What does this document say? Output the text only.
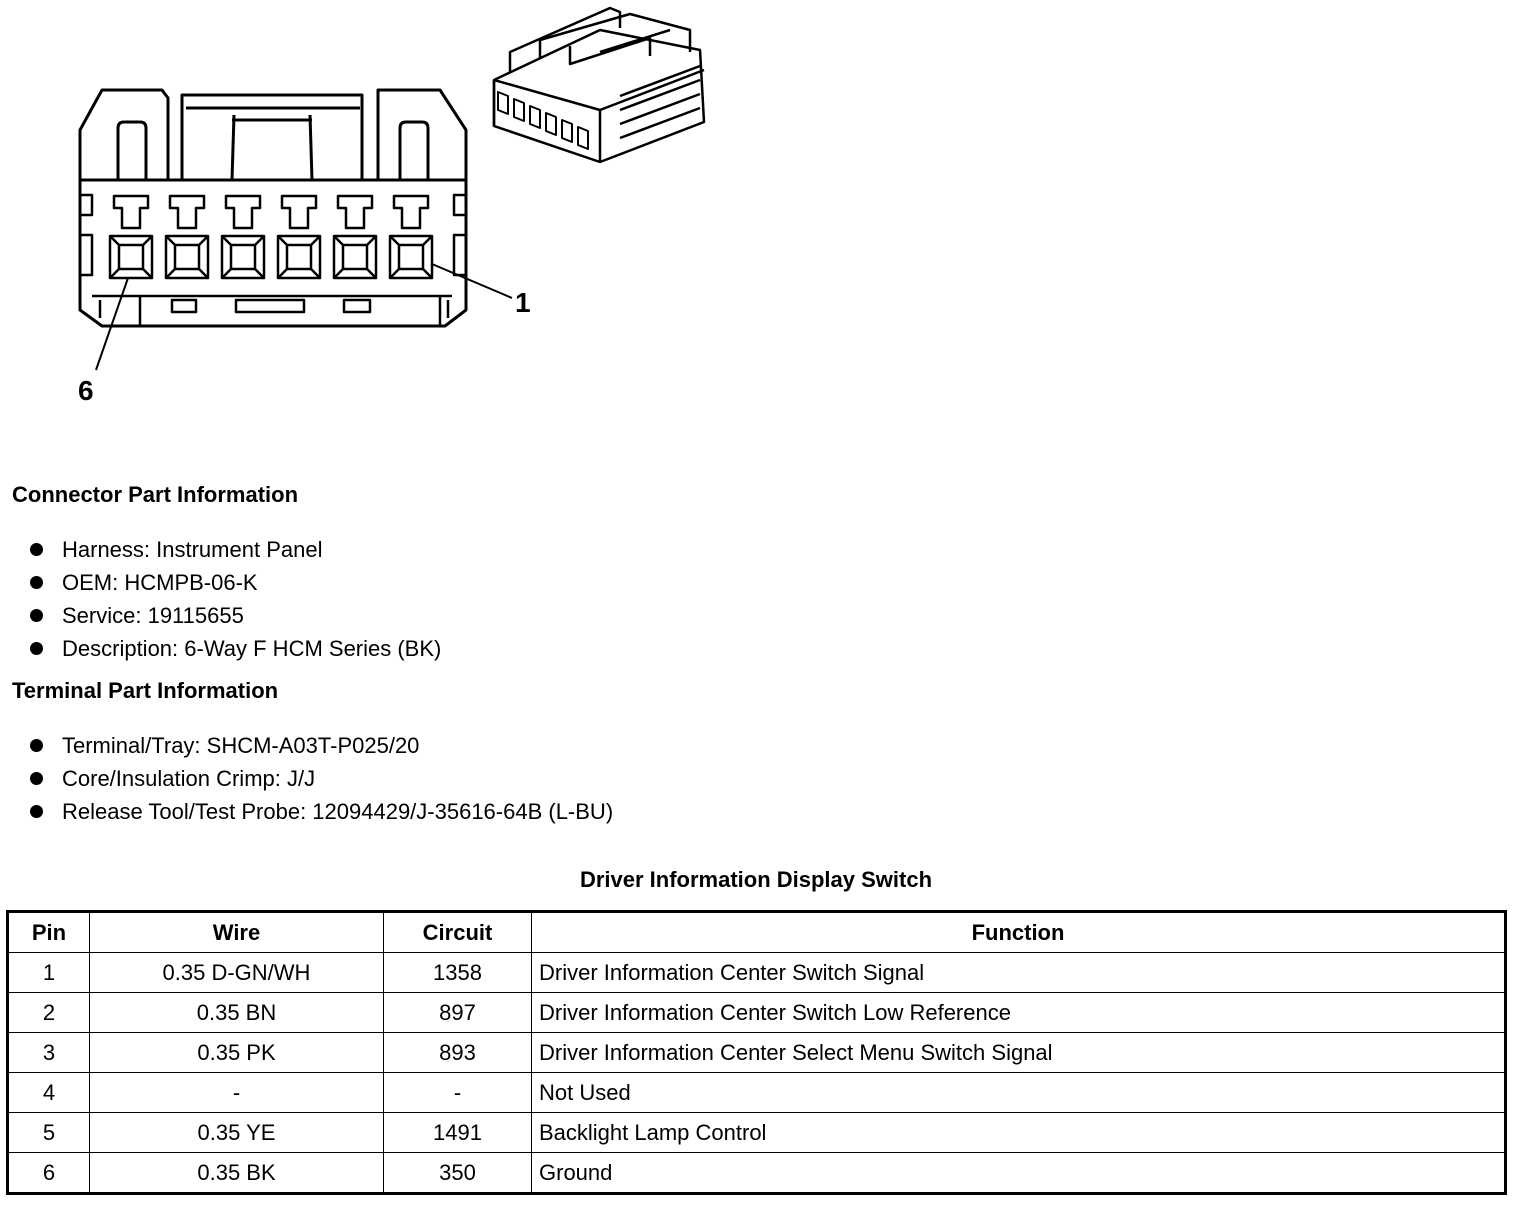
1
6
Connector Part Information
Harness: Instrument Panel
OEM: HCMPB-06-K
Service: 19115655
Description: 6-Way F HCM Series (BK)
Terminal Part Information
Terminal/Tray: SHCM-A03T-P025/20
Core/Insulation Crimp: J/J
Release Tool/Test Probe: 12094429/J-35616-64B (L-BU)
Driver Information Display Switch
Pin	Wire	Circuit	Function
1	0.35 D-GN/WH	1358	Driver Information Center Switch Signal
2	0.35 BN	897	Driver Information Center Switch Low Reference
3	0.35 PK	893	Driver Information Center Select Menu Switch Signal
4	-	-	Not Used
5	0.35 YE	1491	Backlight Lamp Control
6	0.35 BK	350	Ground
